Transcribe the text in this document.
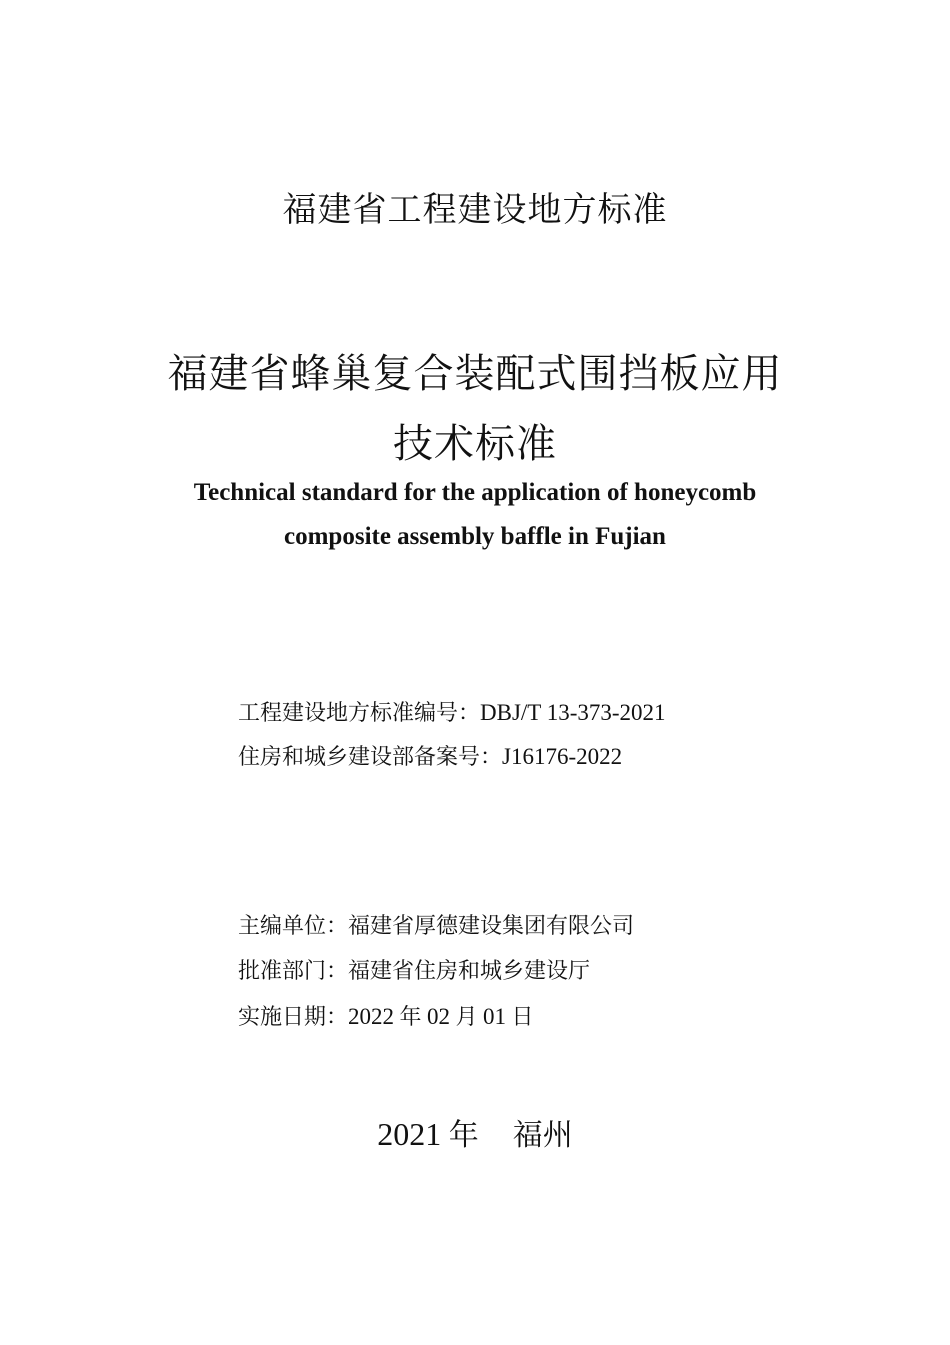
福建省工程建设地方标准
福建省蜂巢复合装配式围挡板应用
技术标准
Technical standard for the application of honeycomb
composite assembly baffle in Fujian
工程建设地方标准编号：DBJ/T 13-373-2021
住房和城乡建设部备案号：J16176-2022
主编单位：福建省厚德建设集团有限公司
批准部门：福建省住房和城乡建设厅
实施日期：2022 年 02 月 01 日
2021 年 福州
